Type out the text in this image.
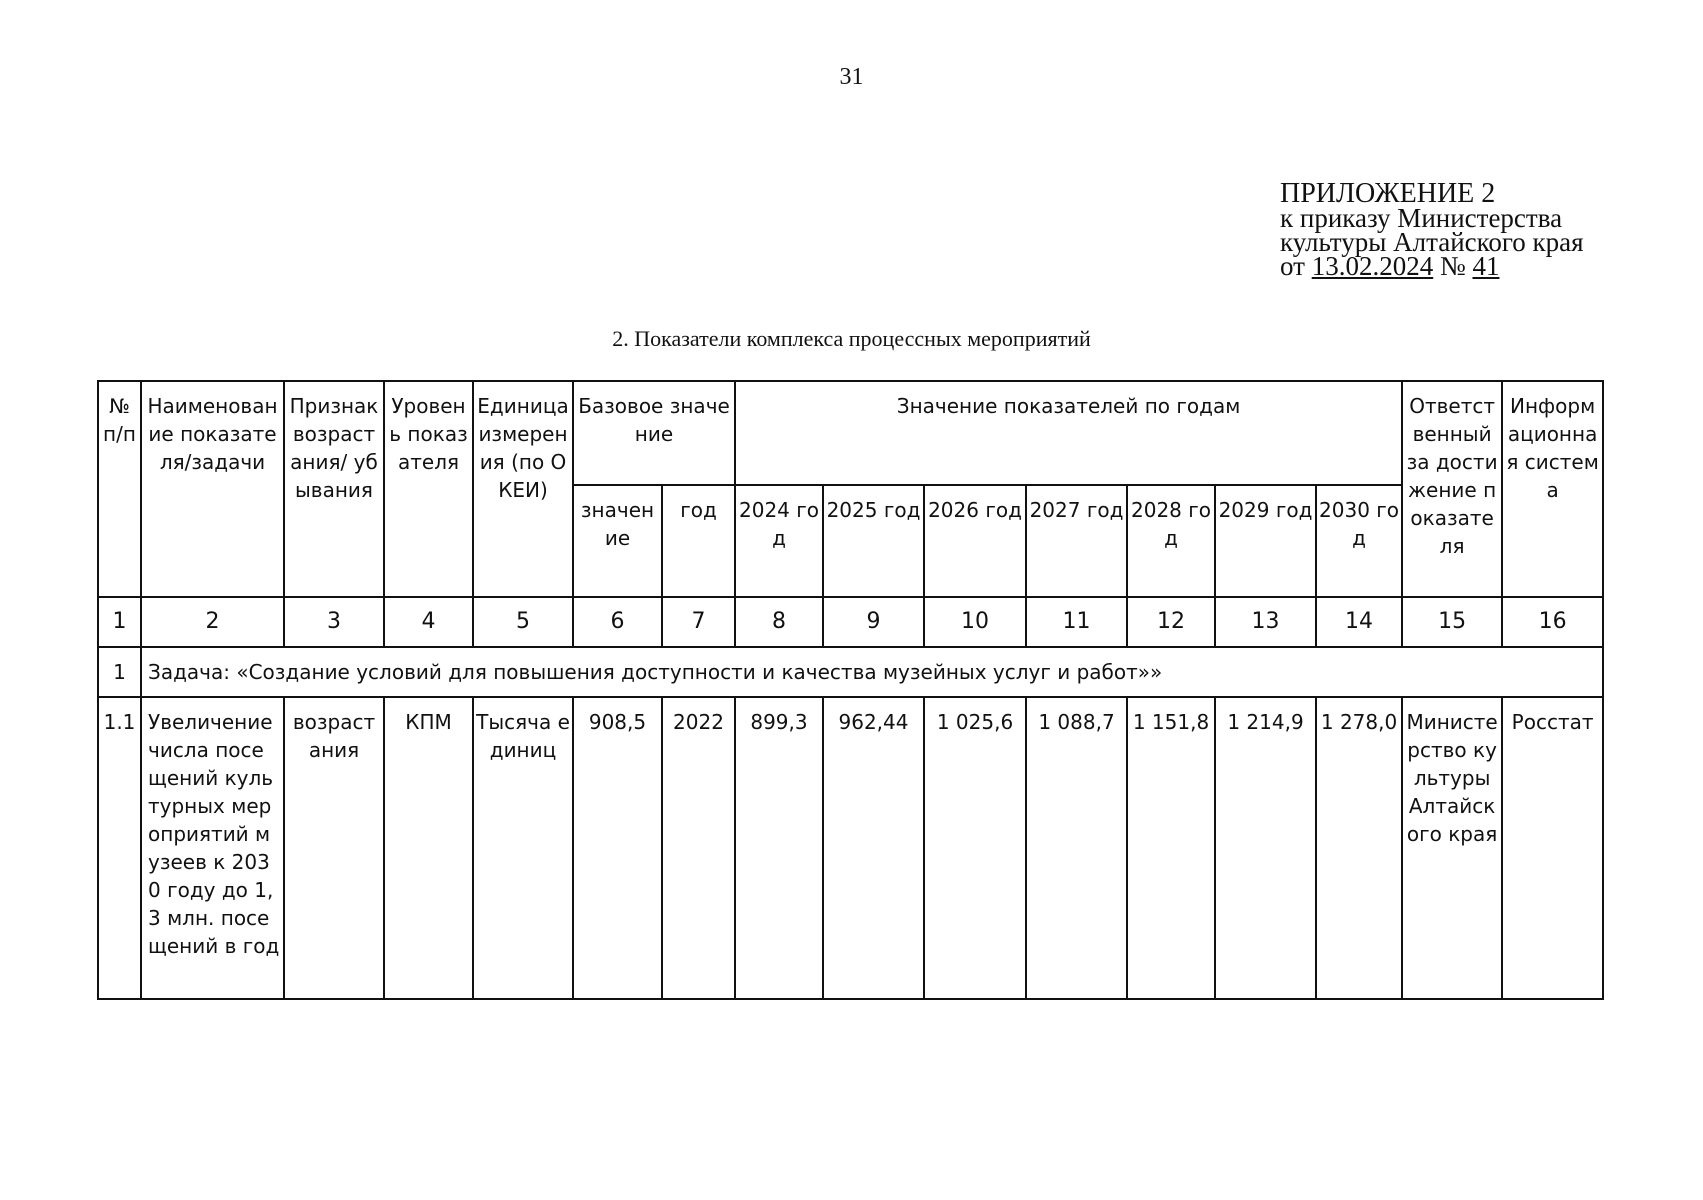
31
ПРИЛОЖЕНИЕ 2
к приказу Министерства
культуры Алтайского края
от 13.02.2024 № 41
2. Показатели комплекса процессных мероприятий
№ п/п	Наименование показателя/задачи	Признак возрастания/ убывания	Уровень показателя	Единица измерения (по ОКЕИ)	Базовое значение		Значение показателей по годам							Ответственный за достижение показателя	Информационная система
					значение	год	2024 год	2025 год	2026 год	2027 год	2028 год	2029 год	2030 год		
1	2	3	4	5	6	7	8	9	10	11	12	13	14	15	16
1	Задача: «Создание условий для повышения доступности и качества музейных услуг и работ»»														
1.1	Увеличение числа посещений культурных мероприятий музеев к 2030 году до 1,3 млн. посещений в год	возрастания	КПМ	Тысяча единиц	908,5	2022	899,3	962,44	1 025,6	1 088,7	1 151,8	1 214,9	1 278,0	Министерство культуры Алтайского края	Росстат
